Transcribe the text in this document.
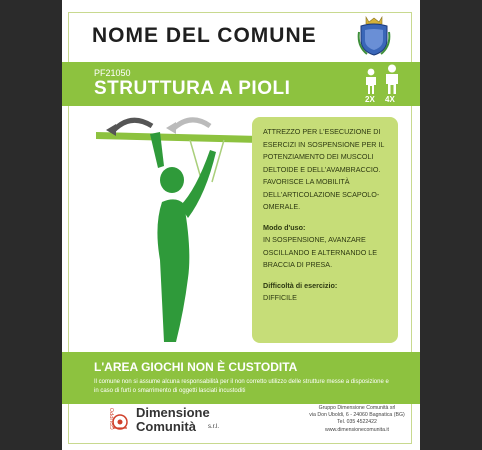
NOME DEL COMUNE
PF21050
STRUTTURA A PIOLI
2X 4X

ATTREZZO PER L'ESECUZIONE DI ESERCIZI IN SOSPENSIONE PER IL POTENZIAMENTO DEI MUSCOLI DELTOIDE E DELL'AVAMBRACCIO. FAVORISCE LA MOBILITÀ DELL'ARTICOLAZIONE SCAPOLO-OMERALE.

Modo d'uso:

IN SOSPENSIONE, AVANZARE OSCILLANDO E ALTERNANDO LE BRACCIA DI PRESA.

Difficoltà di esercizio:

DIFFICILE

L'AREA GIOCHI NON È CUSTODITA
Il comune non si assume alcuna responsabilità per il non corretto utilizzo delle strutture messe a disposizione e in caso di furti o smarrimento di oggetti lasciati incustoditi
GRUPPO Dimensione
Comunità s.r.l.
Gruppo Dimensione Comunità srl
via Don Uboldi, 6 - 24060 Bagnatica (BG)
Tel. 035 4522422
www.dimensionecomunita.it
